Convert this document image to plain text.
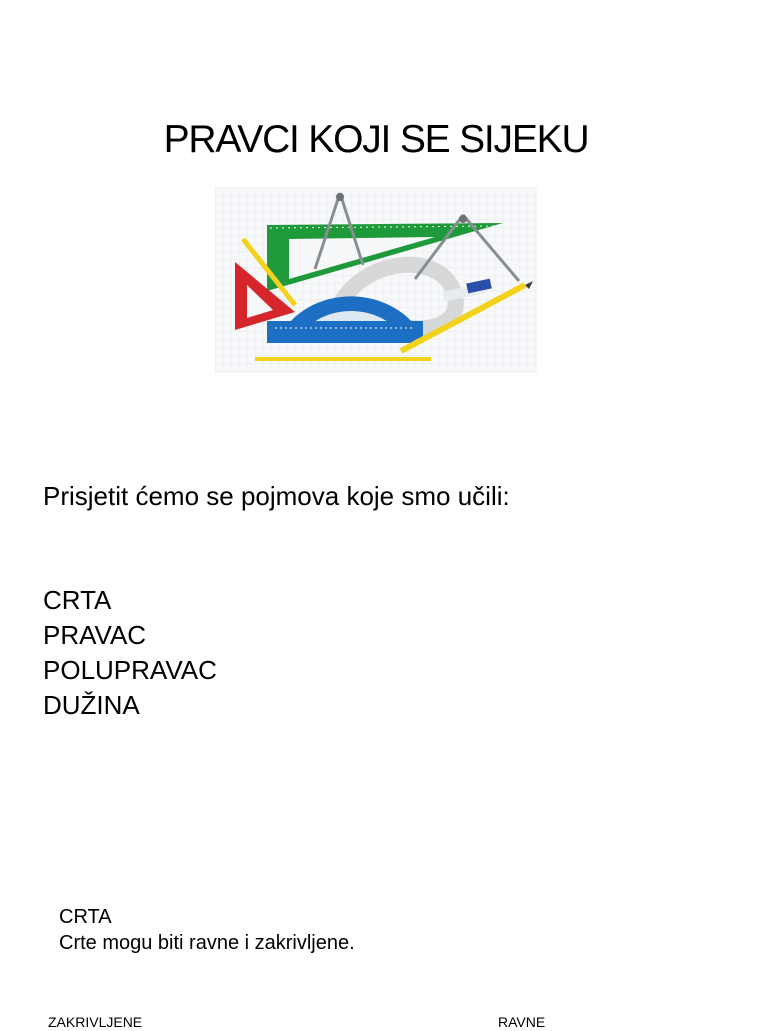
PRAVCI KOJI SE SIJEKU
Prisjetit ćemo se pojmova koje smo učili:
CRTA
PRAVAC
POLUPRAVAC
DUŽINA
CRTA
Crte mogu biti ravne i zakrivljene.
ZAKRIVLJENE	RAVNE
